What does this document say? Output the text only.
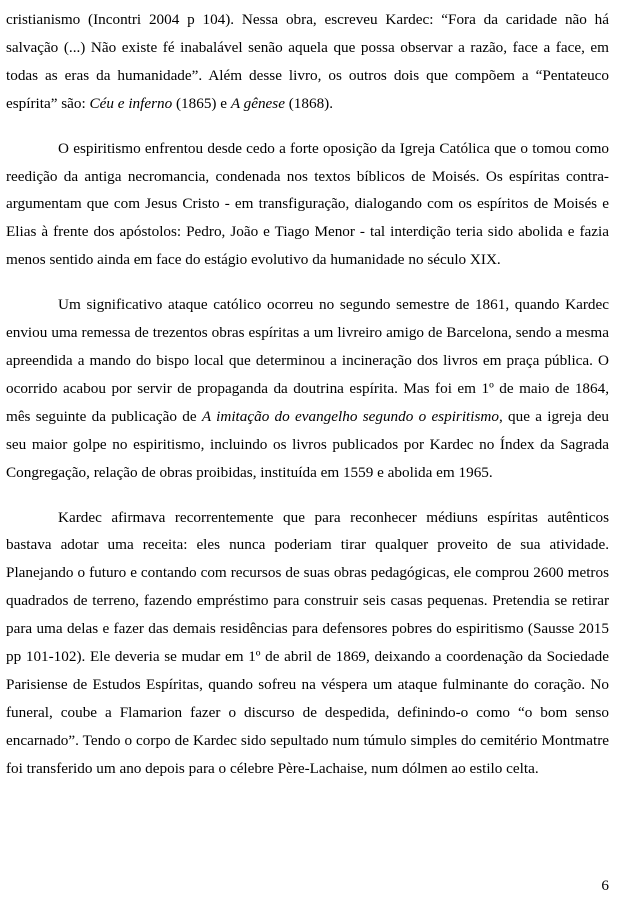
cristianismo (Incontri 2004 p 104). Nessa obra, escreveu Kardec: “Fora da caridade não há salvação (...) Não existe fé inabalável senão aquela que possa observar a razão, face a face, em todas as eras da humanidade”. Além desse livro, os outros dois que compõem a “Pentateuco espírita” são: Céu e inferno (1865) e A gênese (1868).

O espiritismo enfrentou desde cedo a forte oposição da Igreja Católica que o tomou como reedição da antiga necromancia, condenada nos textos bíblicos de Moisés. Os espíritas contra-argumentam que com Jesus Cristo - em transfiguração, dialogando com os espíritos de Moisés e Elias à frente dos apóstolos: Pedro, João e Tiago Menor - tal interdição teria sido abolida e fazia menos sentido ainda em face do estágio evolutivo da humanidade no século XIX.

Um significativo ataque católico ocorreu no segundo semestre de 1861, quando Kardec enviou uma remessa de trezentos obras espíritas a um livreiro amigo de Barcelona, sendo a mesma apreendida a mando do bispo local que determinou a incineração dos livros em praça pública. O ocorrido acabou por servir de propaganda da doutrina espírita. Mas foi em 1º de maio de 1864, mês seguinte da publicação de A imitação do evangelho segundo o espiritismo, que a igreja deu seu maior golpe no espiritismo, incluindo os livros publicados por Kardec no Índex da Sagrada Congregação, relação de obras proibidas, instituída em 1559 e abolida em 1965.

Kardec afirmava recorrentemente que para reconhecer médiuns espíritas autênticos bastava adotar uma receita: eles nunca poderiam tirar qualquer proveito de sua atividade. Planejando o futuro e contando com recursos de suas obras pedagógicas, ele comprou 2600 metros quadrados de terreno, fazendo empréstimo para construir seis casas pequenas. Pretendia se retirar para uma delas e fazer das demais residências para defensores pobres do espiritismo (Sausse 2015 pp 101-102). Ele deveria se mudar em 1º de abril de 1869, deixando a coordenação da Sociedade Parisiense de Estudos Espíritas, quando sofreu na véspera um ataque fulminante do coração. No funeral, coube a Flamarion fazer o discurso de despedida, definindo-o como “o bom senso encarnado”. Tendo o corpo de Kardec sido sepultado num túmulo simples do cemitério Montmatre foi transferido um ano depois para o célebre Père-Lachaise, num dólmen ao estilo celta.

6
